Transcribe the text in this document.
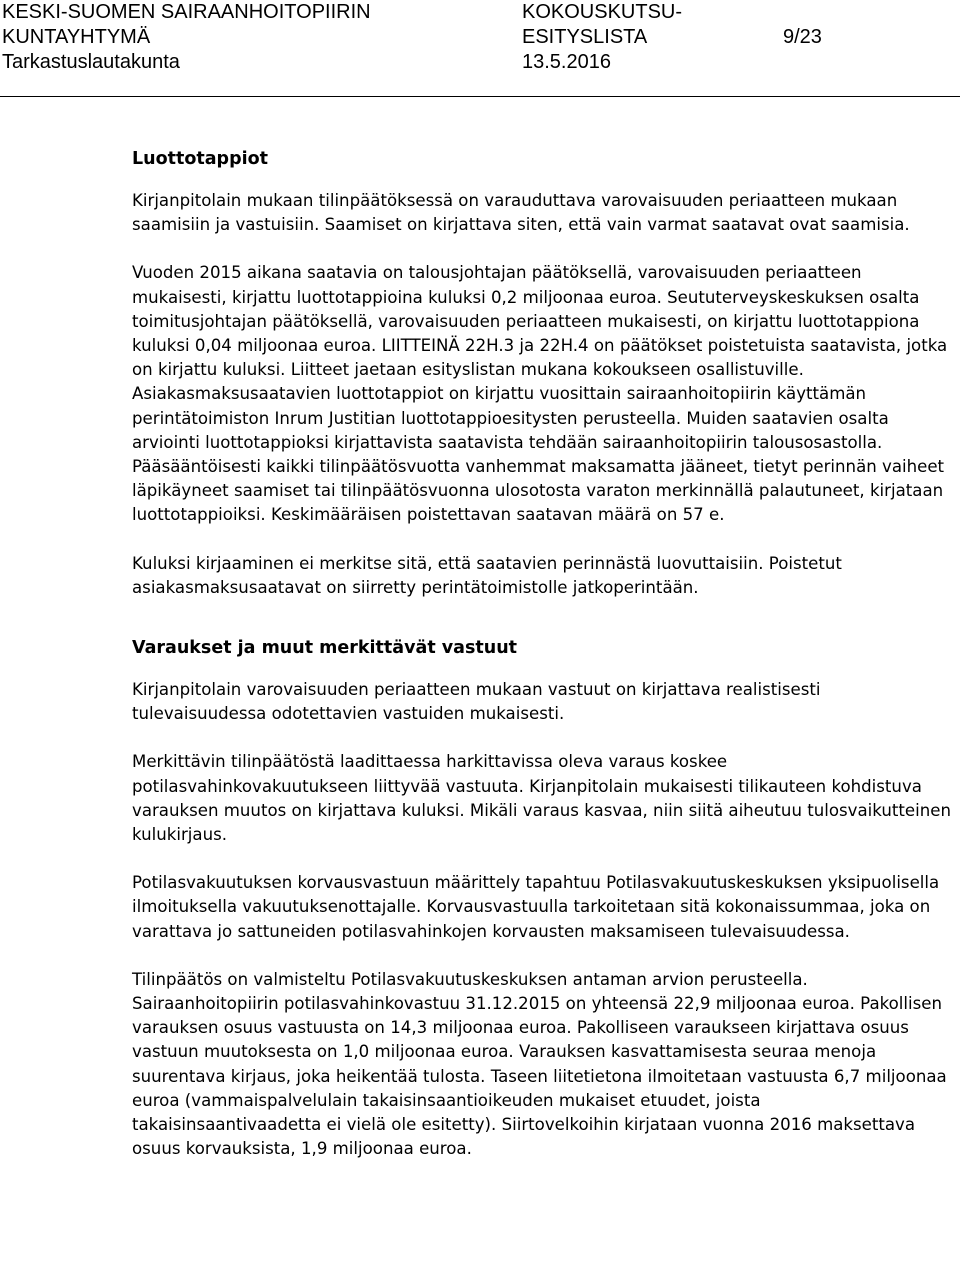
KESKI-SUOMEN SAIRAANHOITOPIIRIN
KUNTAYHTYMÄ
Tarkastuslautakunta
KOKOUSKUTSU-
ESITYSLISTA
13.5.2016
9/23
Luottotappiot

Kirjanpitolain mukaan tilinpäätöksessä on varauduttava varovaisuuden periaatteen mukaan saamisiin ja vastuisiin. Saamiset on kirjattava siten, että vain varmat saatavat ovat saamisia.

Vuoden 2015 aikana saatavia on talousjohtajan päätöksellä, varovaisuuden periaatteen mukaisesti, kirjattu luottotappioina kuluksi 0,2 miljoonaa euroa. Seututerveyskeskuksen osalta toimitusjohtajan päätöksellä, varovaisuuden periaatteen mukaisesti, on kirjattu luottotappiona kuluksi 0,04 miljoonaa euroa. LIITTEINÄ 22H.3 ja 22H.4 on päätökset poistetuista saatavista, jotka on kirjattu kuluksi. Liitteet jaetaan esityslistan mukana kokoukseen osallistuville. Asiakasmaksusaatavien luottotappiot on kirjattu vuosittain sairaanhoitopiirin käyttämän perintätoimiston Inrum Justitian luottotappioesitysten perusteella. Muiden saatavien osalta arviointi luottotappioksi kirjattavista saatavista tehdään sairaanhoitopiirin talousosastolla. Pääsääntöisesti kaikki tilinpäätösvuotta vanhemmat maksamatta jääneet, tietyt perinnän vaiheet läpikäyneet saamiset tai tilinpäätösvuonna ulosotosta varaton merkinnällä palautuneet, kirjataan luottotappioiksi. Keskimääräisen poistettavan saatavan määrä on 57 e.

Kuluksi kirjaaminen ei merkitse sitä, että saatavien perinnästä luovuttaisiin. Poistetut asiakasmaksusaatavat on siirretty perintätoimistolle jatkoperintään.

Varaukset ja muut merkittävät vastuut

Kirjanpitolain varovaisuuden periaatteen mukaan vastuut on kirjattava realistisesti tulevaisuudessa odotettavien vastuiden mukaisesti.

Merkittävin tilinpäätöstä laadittaessa harkittavissa oleva varaus koskee potilasvahinkovakuutukseen liittyvää vastuuta. Kirjanpitolain mukaisesti tilikauteen kohdistuva varauksen muutos on kirjattava kuluksi. Mikäli varaus kasvaa, niin siitä aiheutuu tulosvaikutteinen kulukirjaus.

Potilasvakuutuksen korvausvastuun määrittely tapahtuu Potilasvakuutuskeskuksen yksipuolisella ilmoituksella vakuutuksenottajalle. Korvausvastuulla tarkoitetaan sitä kokonaissummaa, joka on varattava jo sattuneiden potilasvahinkojen korvausten maksamiseen tulevaisuudessa.

Tilinpäätös on valmisteltu Potilasvakuutuskeskuksen antaman arvion perusteella. Sairaanhoitopiirin potilasvahinkovastuu 31.12.2015 on yhteensä 22,9 miljoonaa euroa. Pakollisen varauksen osuus vastuusta on 14,3 miljoonaa euroa. Pakolliseen varaukseen kirjattava osuus vastuun muutoksesta on 1,0 miljoonaa euroa. Varauksen kasvattamisesta seuraa menoja suurentava kirjaus, joka heikentää tulosta. Taseen liitetietona ilmoitetaan vastuusta 6,7 miljoonaa euroa (vammaispalvelulain takaisinsaantioikeuden mukaiset etuudet, joista takaisinsaantivaadetta ei vielä ole esitetty). Siirtovelkoihin kirjataan vuonna 2016 maksettava osuus korvauksista, 1,9 miljoonaa euroa.
